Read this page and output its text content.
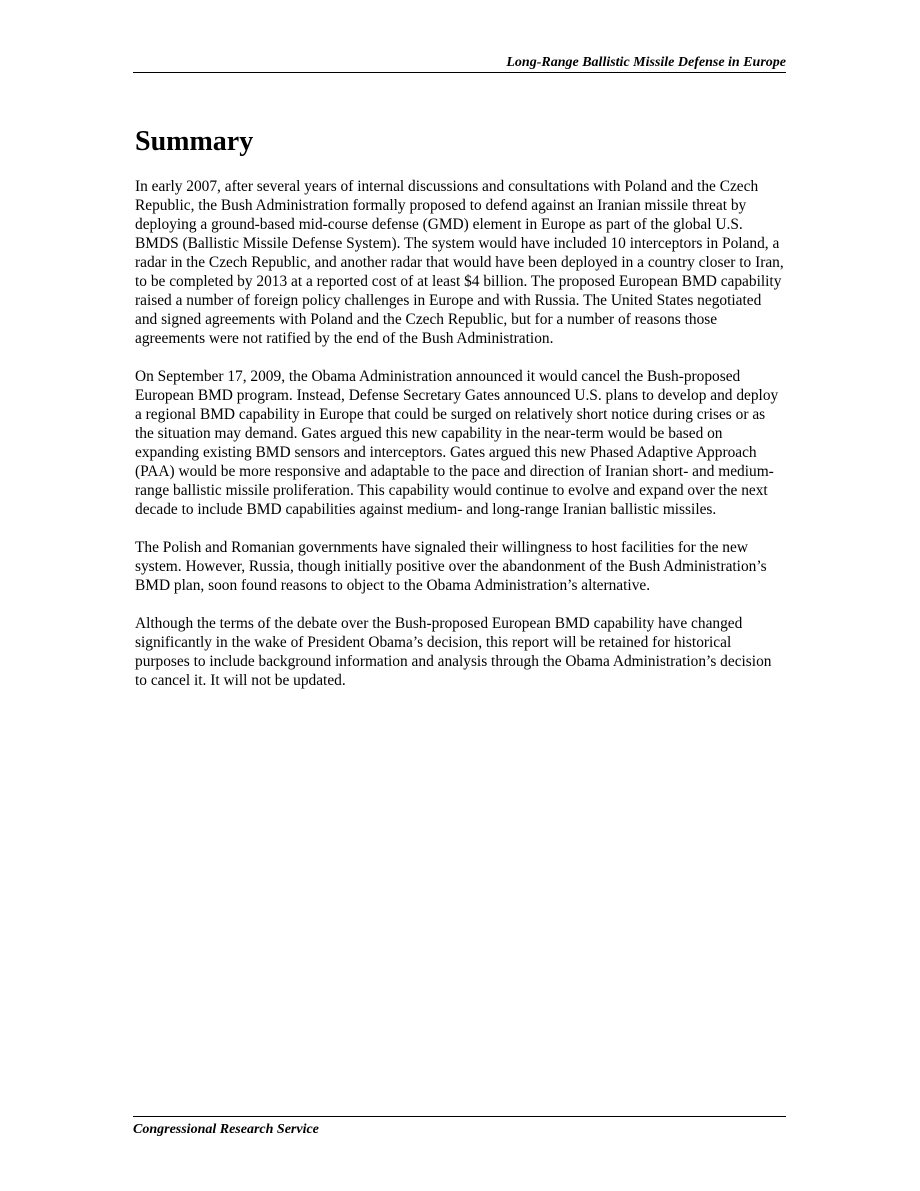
Long-Range Ballistic Missile Defense in Europe
Summary

In early 2007, after several years of internal discussions and consultations with Poland and the Czech Republic, the Bush Administration formally proposed to defend against an Iranian missile threat by deploying a ground-based mid-course defense (GMD) element in Europe as part of the global U.S. BMDS (Ballistic Missile Defense System). The system would have included 10 interceptors in Poland, a radar in the Czech Republic, and another radar that would have been deployed in a country closer to Iran, to be completed by 2013 at a reported cost of at least $4 billion. The proposed European BMD capability raised a number of foreign policy challenges in Europe and with Russia. The United States negotiated and signed agreements with Poland and the Czech Republic, but for a number of reasons those agreements were not ratified by the end of the Bush Administration.

On September 17, 2009, the Obama Administration announced it would cancel the Bush-proposed European BMD program. Instead, Defense Secretary Gates announced U.S. plans to develop and deploy a regional BMD capability in Europe that could be surged on relatively short notice during crises or as the situation may demand. Gates argued this new capability in the near-term would be based on expanding existing BMD sensors and interceptors. Gates argued this new Phased Adaptive Approach (PAA) would be more responsive and adaptable to the pace and direction of Iranian short- and medium-range ballistic missile proliferation. This capability would continue to evolve and expand over the next decade to include BMD capabilities against medium- and long-range Iranian ballistic missiles.

The Polish and Romanian governments have signaled their willingness to host facilities for the new system. However, Russia, though initially positive over the abandonment of the Bush Administration’s BMD plan, soon found reasons to object to the Obama Administration’s alternative.

Although the terms of the debate over the Bush-proposed European BMD capability have changed significantly in the wake of President Obama’s decision, this report will be retained for historical purposes to include background information and analysis through the Obama Administration’s decision to cancel it. It will not be updated.

Congressional Research Service
